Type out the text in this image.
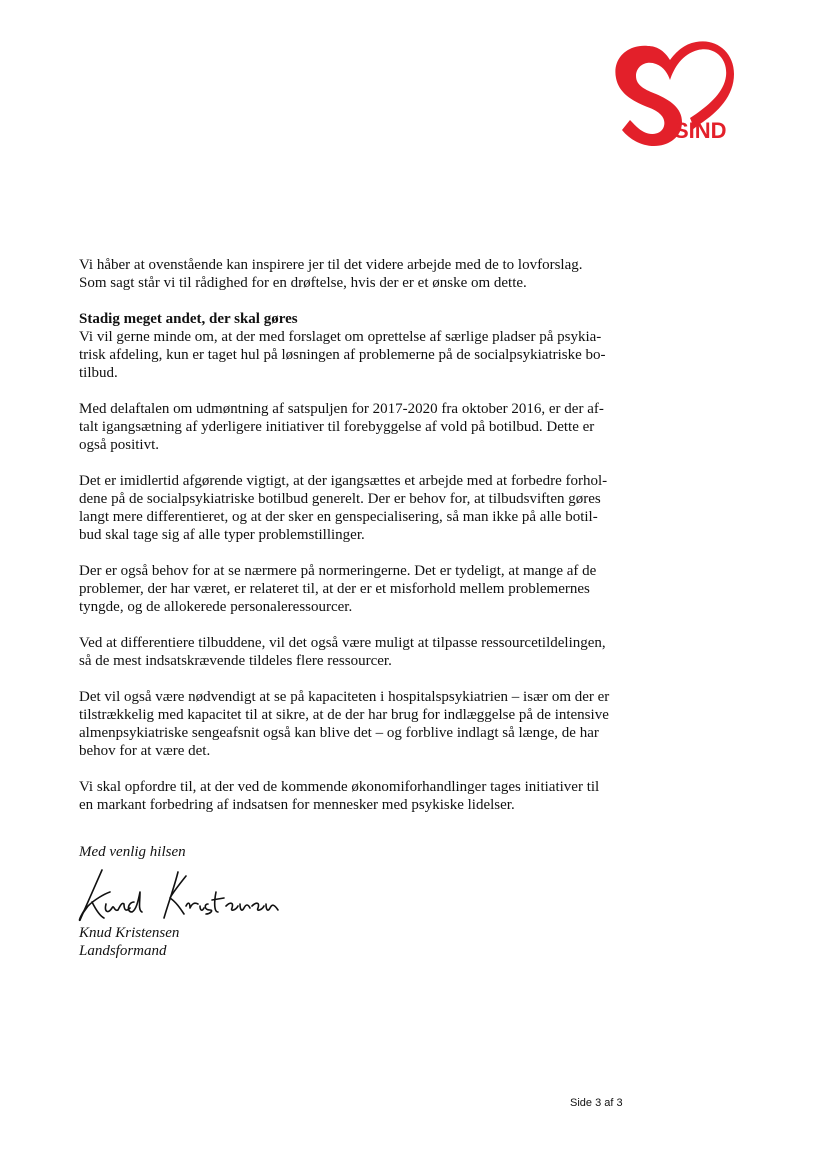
SIND

Vi håber at ovenstående kan inspirere jer til det videre arbejde med de to lovforslag.
Som sagt står vi til rådighed for en drøftelse, hvis der er et ønske om dette.

Stadig meget andet, der skal gøres
Vi vil gerne minde om, at der med forslaget om oprettelse af særlige pladser på psykia-
trisk afdeling, kun er taget hul på løsningen af problemerne på de socialpsykiatriske bo-
tilbud.

Med delaftalen om udmøntning af satspuljen for 2017-2020 fra oktober 2016, er der af-
talt igangsætning af yderligere initiativer til forebyggelse af vold på botilbud. Dette er
også positivt.

Det er imidlertid afgørende vigtigt, at der igangsættes et arbejde med at forbedre forhol-
dene på de socialpsykiatriske botilbud generelt. Der er behov for, at tilbudsviften gøres
langt mere differentieret, og at der sker en genspecialisering, så man ikke på alle botil-
bud skal tage sig af alle typer problemstillinger.

Der er også behov for at se nærmere på normeringerne. Det er tydeligt, at mange af de
problemer, der har været, er relateret til, at der er et misforhold mellem problemernes
tyngde, og de allokerede personaleressourcer.

Ved at differentiere tilbuddene, vil det også være muligt at tilpasse ressourcetildelingen,
så de mest indsatskrævende tildeles flere ressourcer.

Det vil også være nødvendigt at se på kapaciteten i hospitalspsykiatrien – især om der er
tilstrækkelig med kapacitet til at sikre, at de der har brug for indlæggelse på de intensive
almenpsykiatriske sengeafsnit også kan blive det – og forblive indlagt så længe, de har
behov for at være det.

Vi skal opfordre til, at der ved de kommende økonomiforhandlinger tages initiativer til
en markant forbedring af indsatsen for mennesker med psykiske lidelser.

Med venlig hilsen
Knud Kristensen
Landsformand
Side 3 af 3
